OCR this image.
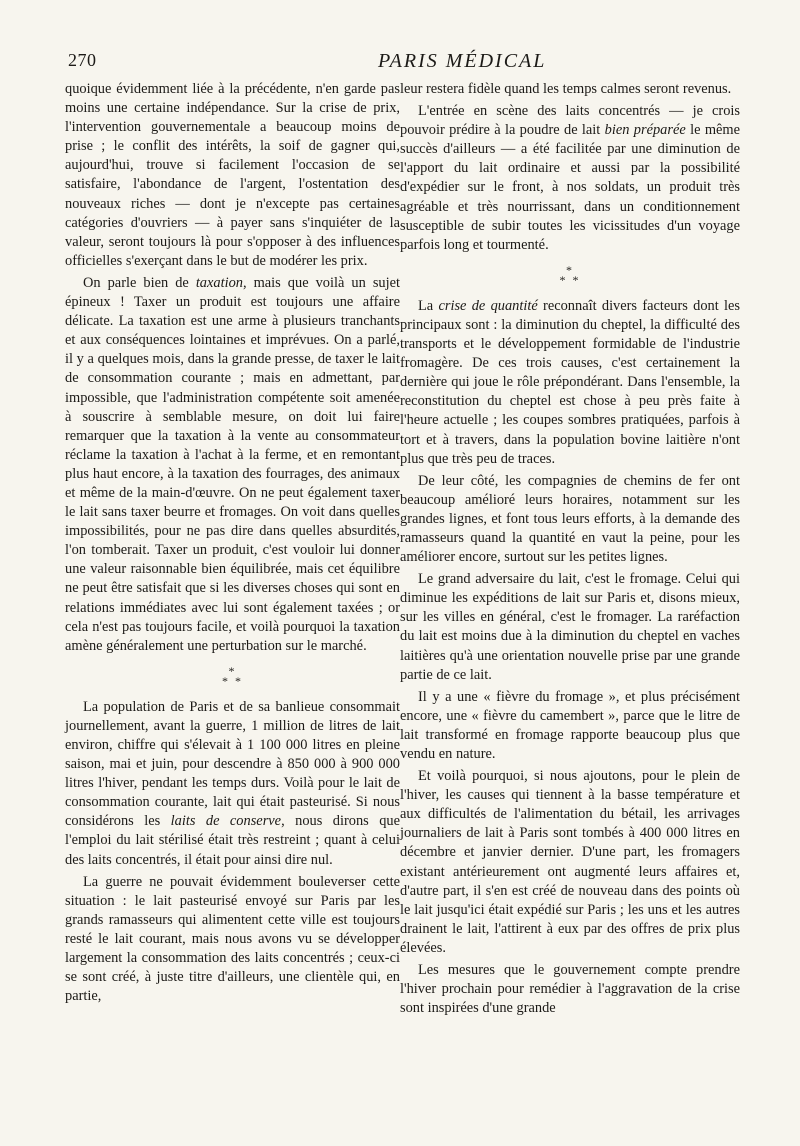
270	PARIS MÉDICAL

quoique évidemment liée à la précédente, n'en garde pas moins une certaine indépendance. Sur la crise de prix, l'intervention gouvernementale a beaucoup moins de prise ; le conflit des intérêts, la soif de gagner qui, aujourd'hui, trouve si facilement l'occasion de se satisfaire, l'abondance de l'argent, l'ostentation des nouveaux riches — dont je n'excepte pas certaines catégories d'ouvriers — à payer sans s'inquiéter de la valeur, seront toujours là pour s'opposer à des influences officielles s'exerçant dans le but de modérer les prix.

On parle bien de taxation, mais que voilà un sujet épineux ! Taxer un produit est toujours une affaire délicate. La taxation est une arme à plusieurs tranchants et aux conséquences lointaines et imprévues. On a parlé, il y a quelques mois, dans la grande presse, de taxer le lait de consommation courante ; mais en admettant, par impossible, que l'administration compétente soit amenée à souscrire à semblable mesure, on doit lui faire remarquer que la taxation à la vente au consommateur réclame la taxation à l'achat à la ferme, et en remontant plus haut encore, à la taxation des fourrages, des animaux et même de la main-d'œuvre. On ne peut également taxer le lait sans taxer beurre et fromages. On voit dans quelles impossibilités, pour ne pas dire dans quelles absurdités, l'on tomberait. Taxer un produit, c'est vouloir lui donner une valeur raisonnable bien équilibrée, mais cet équilibre ne peut être satisfait que si les diverses choses qui sont en relations immédiates avec lui sont également taxées ; or cela n'est pas toujours facile, et voilà pourquoi la taxation amène généralement une perturbation sur le marché.

*
* *

La population de Paris et de sa banlieue consommait journellement, avant la guerre, 1 million de litres de lait environ, chiffre qui s'élevait à 1 100 000 litres en pleine saison, mai et juin, pour descendre à 850 000 à 900 000 litres l'hiver, pendant les temps durs. Voilà pour le lait de consommation courante, lait qui était pasteurisé. Si nous considérons les laits de conserve, nous dirons que l'emploi du lait stérilisé était très restreint ; quant à celui des laits concentrés, il était pour ainsi dire nul.

La guerre ne pouvait évidemment bouleverser cette situation : le lait pasteurisé envoyé sur Paris par les grands ramasseurs qui alimentent cette ville est toujours resté le lait courant, mais nous avons vu se développer largement la consommation des laits concentrés ; ceux-ci se sont créé, à juste titre d'ailleurs, une clientèle qui, en partie,

leur restera fidèle quand les temps calmes seront revenus.

L'entrée en scène des laits concentrés — je crois pouvoir prédire à la poudre de lait bien préparée le même succès d'ailleurs — a été facilitée par une diminution de l'apport du lait ordinaire et aussi par la possibilité d'expédier sur le front, à nos soldats, un produit très agréable et très nourrissant, dans un conditionnement susceptible de subir toutes les vicissitudes d'un voyage parfois long et tourmenté.

*
* *

La crise de quantité reconnaît divers facteurs dont les principaux sont : la diminution du cheptel, la difficulté des transports et le développement formidable de l'industrie fromagère. De ces trois causes, c'est certainement la dernière qui joue le rôle prépondérant. Dans l'ensemble, la reconstitution du cheptel est chose à peu près faite à l'heure actuelle ; les coupes sombres pratiquées, parfois à tort et à travers, dans la population bovine laitière n'ont plus que très peu de traces.

De leur côté, les compagnies de chemins de fer ont beaucoup amélioré leurs horaires, notamment sur les grandes lignes, et font tous leurs efforts, à la demande des ramasseurs quand la quantité en vaut la peine, pour les améliorer encore, surtout sur les petites lignes.

Le grand adversaire du lait, c'est le fromage. Celui qui diminue les expéditions de lait sur Paris et, disons mieux, sur les villes en général, c'est le fromager. La raréfaction du lait est moins due à la diminution du cheptel en vaches laitières qu'à une orientation nouvelle prise par une grande partie de ce lait.

Il y a une « fièvre du fromage », et plus précisément encore, une « fièvre du camembert », parce que le litre de lait transformé en fromage rapporte beaucoup plus que vendu en nature.

Et voilà pourquoi, si nous ajoutons, pour le plein de l'hiver, les causes qui tiennent à la basse température et aux difficultés de l'alimentation du bétail, les arrivages journaliers de lait à Paris sont tombés à 400 000 litres en décembre et janvier dernier. D'une part, les fromagers existant antérieurement ont augmenté leurs affaires et, d'autre part, il s'en est créé de nouveau dans des points où le lait jusqu'ici était expédié sur Paris ; les uns et les autres drainent le lait, l'attirent à eux par des offres de prix plus élevées.

Les mesures que le gouvernement compte prendre l'hiver prochain pour remédier à l'aggravation de la crise sont inspirées d'une grande
